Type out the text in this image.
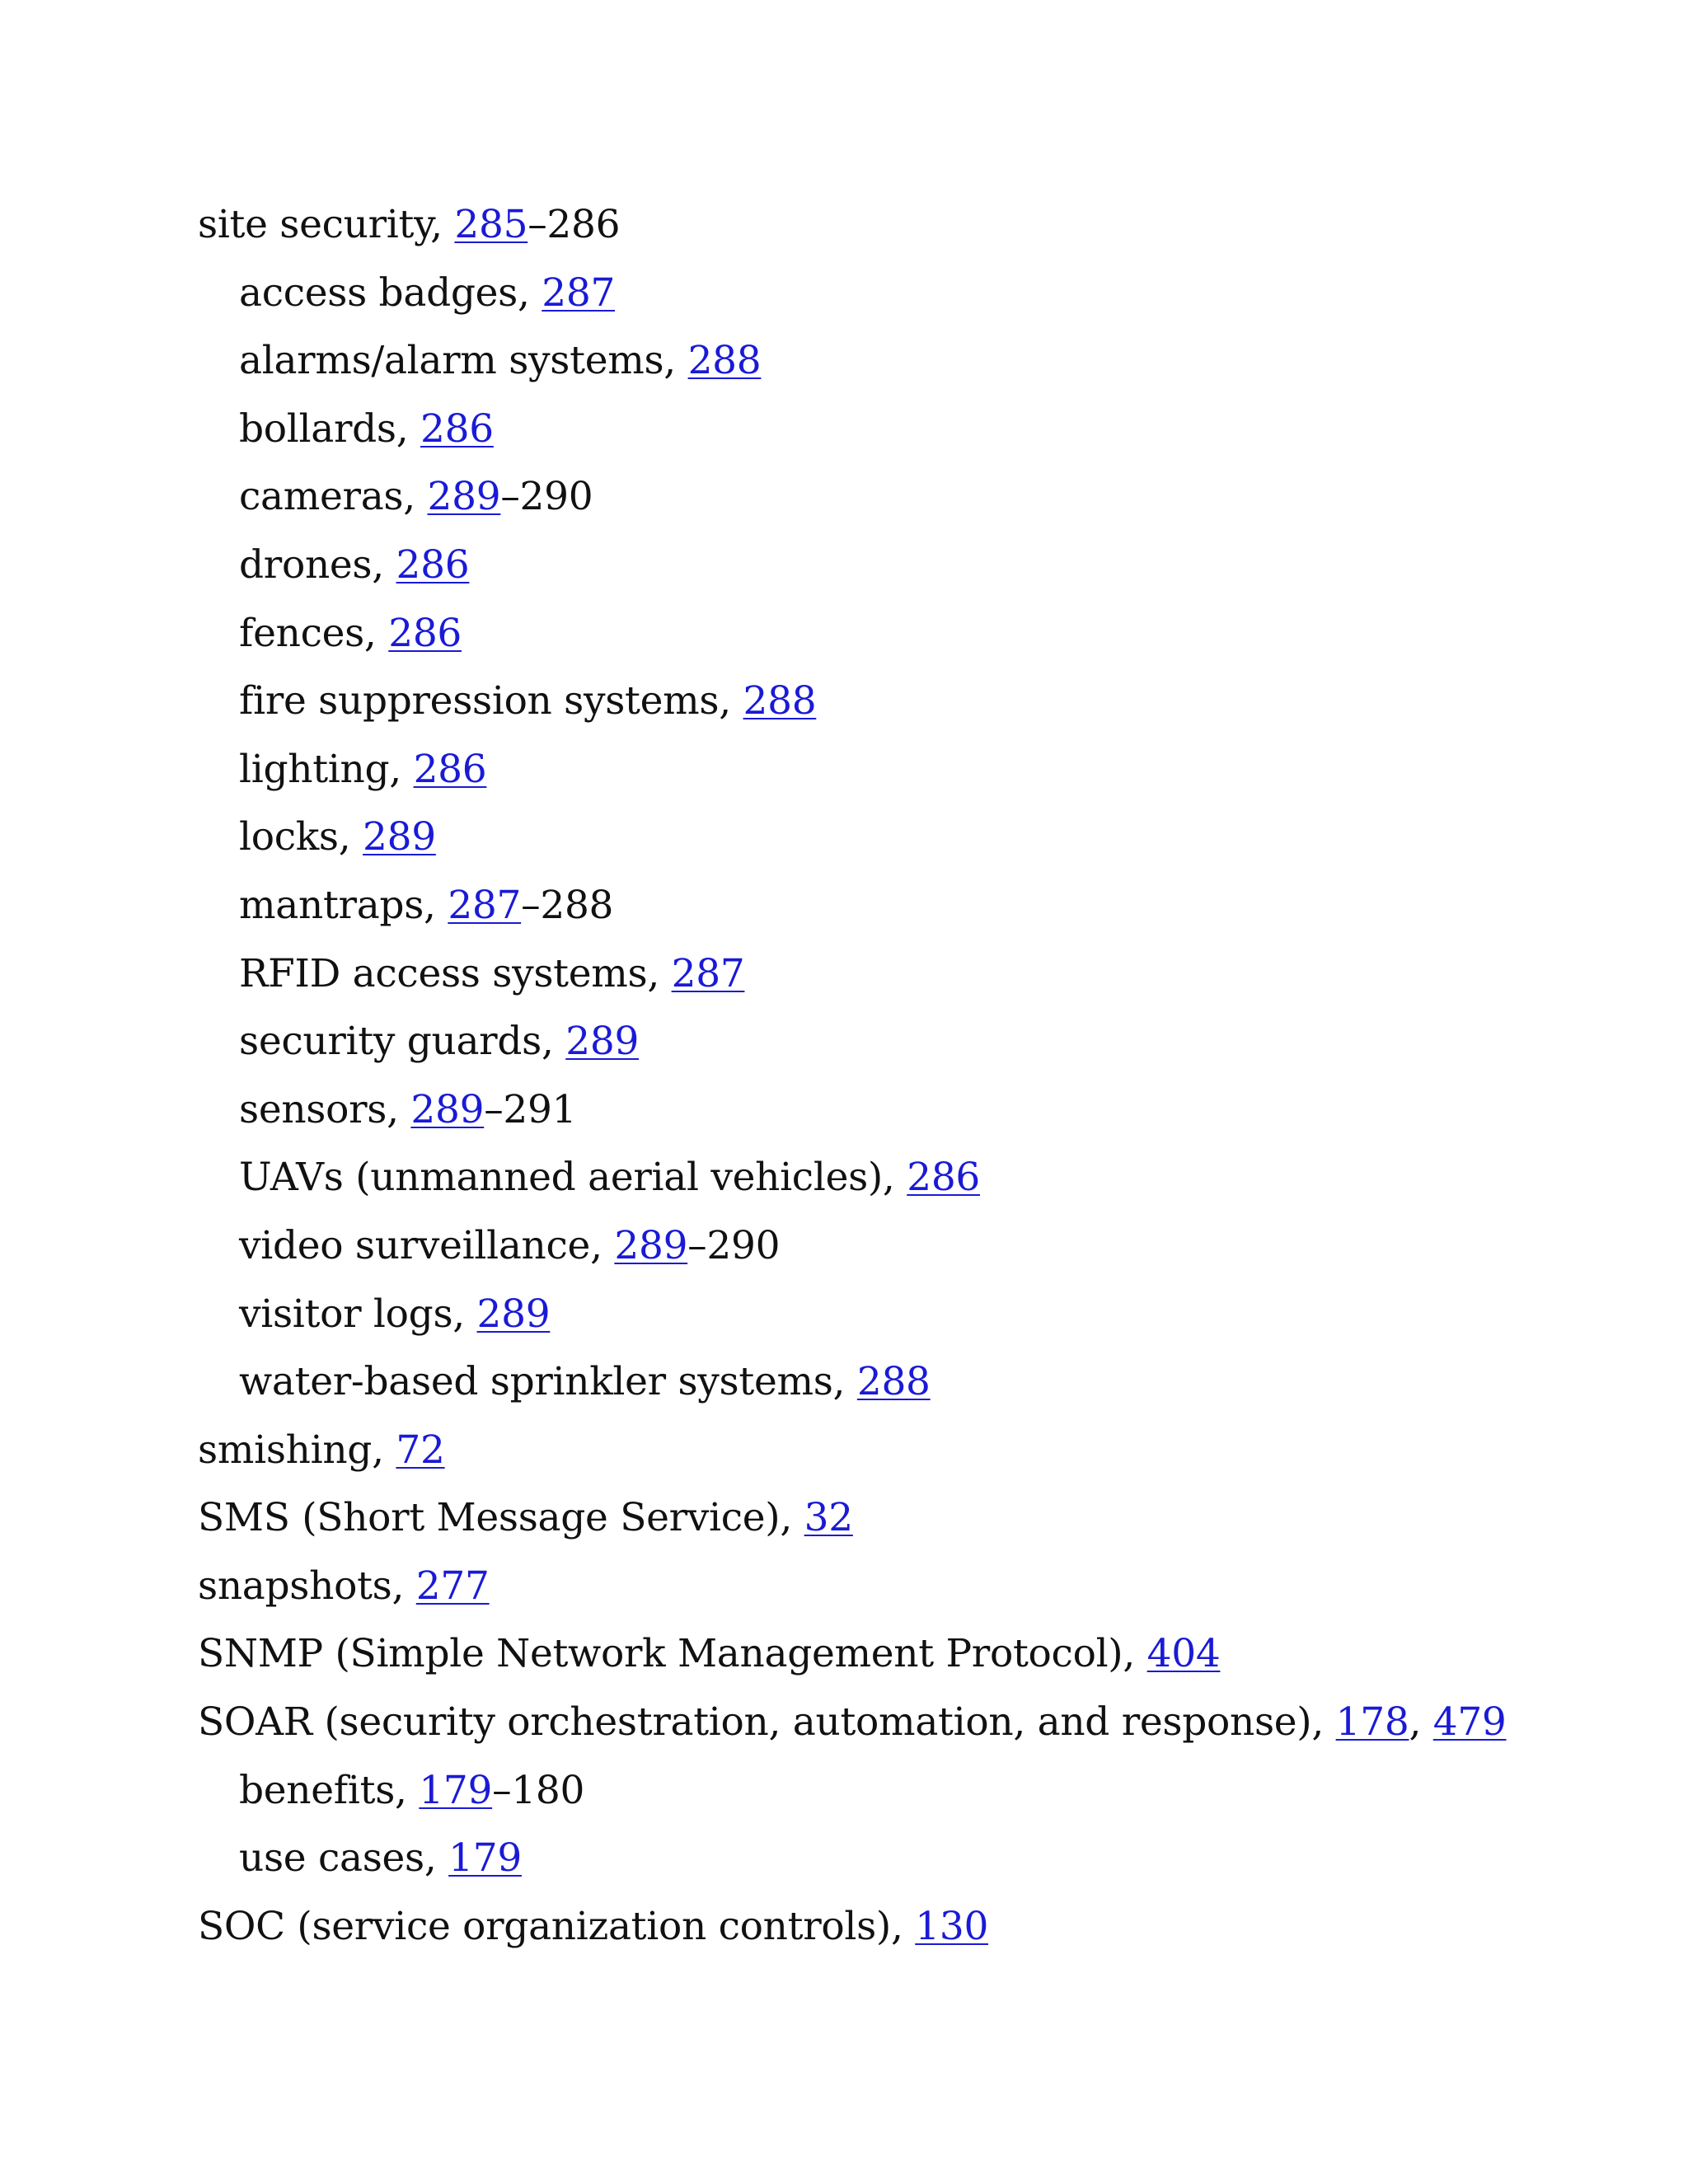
site security, 285–286
access badges, 287
alarms/alarm systems, 288
bollards, 286
cameras, 289–290
drones, 286
fences, 286
fire suppression systems, 288
lighting, 286
locks, 289
mantraps, 287–288
RFID access systems, 287
security guards, 289
sensors, 289–291
UAVs (unmanned aerial vehicles), 286
video surveillance, 289–290
visitor logs, 289
water-based sprinkler systems, 288
smishing, 72
SMS (Short Message Service), 32
snapshots, 277
SNMP (Simple Network Management Protocol), 404
SOAR (security orchestration, automation, and response), 178, 479
benefits, 179–180
use cases, 179
SOC (service organization controls), 130
